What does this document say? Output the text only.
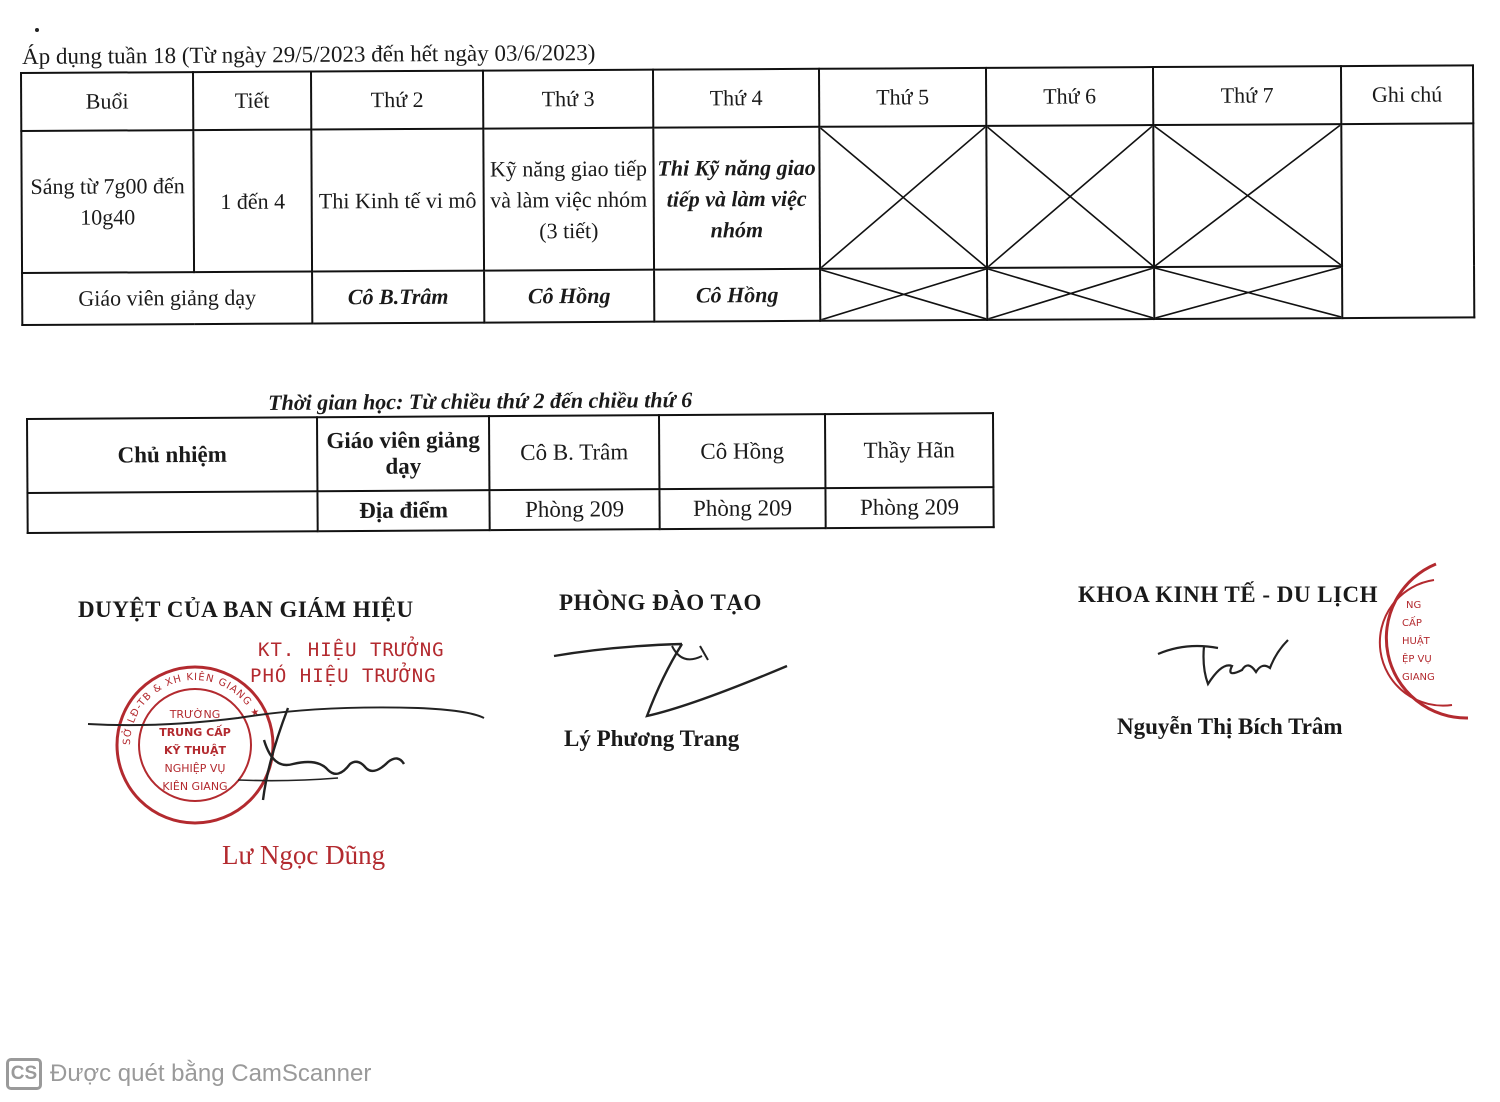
Áp dụng tuần 18 (Từ ngày 29/5/2023 đến hết ngày 03/6/2023)
Buổi	Tiết	Thứ 2	Thứ 3	Thứ 4	Thứ 5	Thứ 6	Thứ 7	Ghi chú
Sáng từ 7g00 đến 10g40	1 đến 4	Thi Kinh tế vi mô	Kỹ năng giao tiếp và làm việc nhóm (3 tiết)	Thi Kỹ năng giao tiếp và làm việc nhóm	

Giáo viên giảng dạy		Cô B.Trâm	Cô Hồng	Cô Hồng	

Thời gian học: Từ chiều thứ 2 đến chiều thứ 6
Chủ nhiệm	Giáo viên giảng dạy	Cô B. Trâm	Cô Hồng	Thầy Hãn
	Địa điểm	Phòng 209	Phòng 209	Phòng 209
DUYỆT CỦA BAN GIÁM HIỆU
KT. HIỆU TRƯỞNG
PHÓ HIỆU TRƯỞNG
SỞ LĐ-TB & XH KIÊN GIANG ★
TRƯỜNG
TRUNG CẤP
KỸ THUẬT
NGHIỆP VỤ
KIÊN GIANG
Lư Ngọc Dũng
PHÒNG ĐÀO TẠO
Lý Phương Trang
KHOA KINH TẾ - DU LỊCH	NG
CẤP
HUẬT
ỆP VỤ
GIANG
Nguyễn Thị Bích Trâm
CS Được quét bằng CamScanner
